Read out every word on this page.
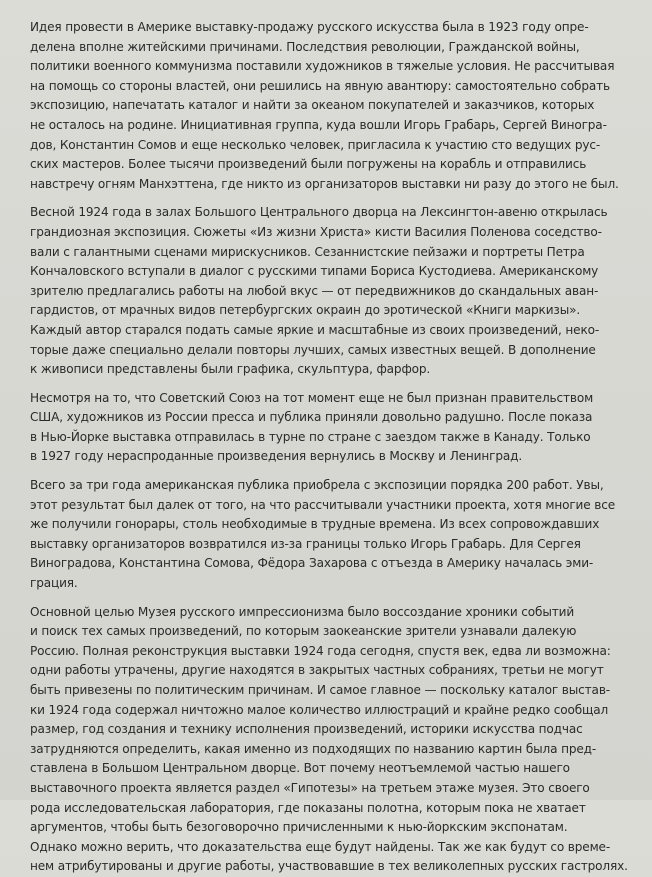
Идея провести в Америке выставку-продажу русского искусства была в 1923 году опре-
делена вполне житейскими причинами. Последствия революции, Гражданской войны,
политики военного коммунизма поставили художников в тяжелые условия. Не рассчитывая
на помощь со стороны властей, они решились на явную авантюру: самостоятельно собрать
экспозицию, напечатать каталог и найти за океаном покупателей и заказчиков, которых
не осталось на родине. Инициативная группа, куда вошли Игорь Грабарь, Сергей Виногра-
дов, Константин Сомов и еще несколько человек, пригласила к участию сто ведущих рус-
ских мастеров. Более тысячи произведений были погружены на корабль и отправились
навстречу огням Манхэттена, где никто из организаторов выставки ни разу до этого не был.

Весной 1924 года в залах Большого Центрального дворца на Лексингтон-авеню открылась
грандиозная экспозиция. Сюжеты «Из жизни Христа» кисти Василия Поленова соседство-
вали с галантными сценами мирискусников. Сезаннистские пейзажи и портреты Петра
Кончаловского вступали в диалог с русскими типами Бориса Кустодиева. Американскому
зрителю предлагались работы на любой вкус — от передвижников до скандальных аван-
гардистов, от мрачных видов петербургских окраин до эротической «Книги маркизы».
Каждый автор старался подать самые яркие и масштабные из своих произведений, неко-
торые даже специально делали повторы лучших, самых известных вещей. В дополнение
к живописи представлены были графика, скульптура, фарфор.

Несмотря на то, что Советский Союз на тот момент еще не был признан правительством
США, художников из России пресса и публика приняли довольно радушно. После показа
в Нью-Йорке выставка отправилась в турне по стране с заездом также в Канаду. Только
в 1927 году нераспроданные произведения вернулись в Москву и Ленинград.

Всего за три года американская публика приобрела с экспозиции порядка 200 работ. Увы,
этот результат был далек от того, на что рассчитывали участники проекта, хотя многие все
же получили гонорары, столь необходимые в трудные времена. Из всех сопровождавших
выставку организаторов возвратился из-за границы только Игорь Грабарь. Для Сергея
Виноградова, Константина Сомова, Фёдора Захарова с отъезда в Америку началась эми-
грация.

Основной целью Музея русского импрессионизма было воссоздание хроники событий
и поиск тех самых произведений, по которым заокеанские зрители узнавали далекую
Россию. Полная реконструкция выставки 1924 года сегодня, спустя век, едва ли возможна:
одни работы утрачены, другие находятся в закрытых частных собраниях, третьи не могут
быть привезены по политическим причинам. И самое главное — поскольку каталог выстав-
ки 1924 года содержал ничтожно малое количество иллюстраций и крайне редко сообщал
размер, год создания и технику исполнения произведений, историки искусства подчас
затрудняются определить, какая именно из подходящих по названию картин была пред-
ставлена в Большом Центральном дворце. Вот почему неотъемлемой частью нашего
выставочного проекта является раздел «Гипотезы» на третьем этаже музея. Это своего
рода исследовательская лаборатория, где показаны полотна, которым пока не хватает
аргументов, чтобы быть безоговорочно причисленными к нью-йоркским экспонатам.
Однако можно верить, что доказательства еще будут найдены. Так же как будут со време-
нем атрибутированы и другие работы, участвовавшие в тех великолепных русских гастролях.
